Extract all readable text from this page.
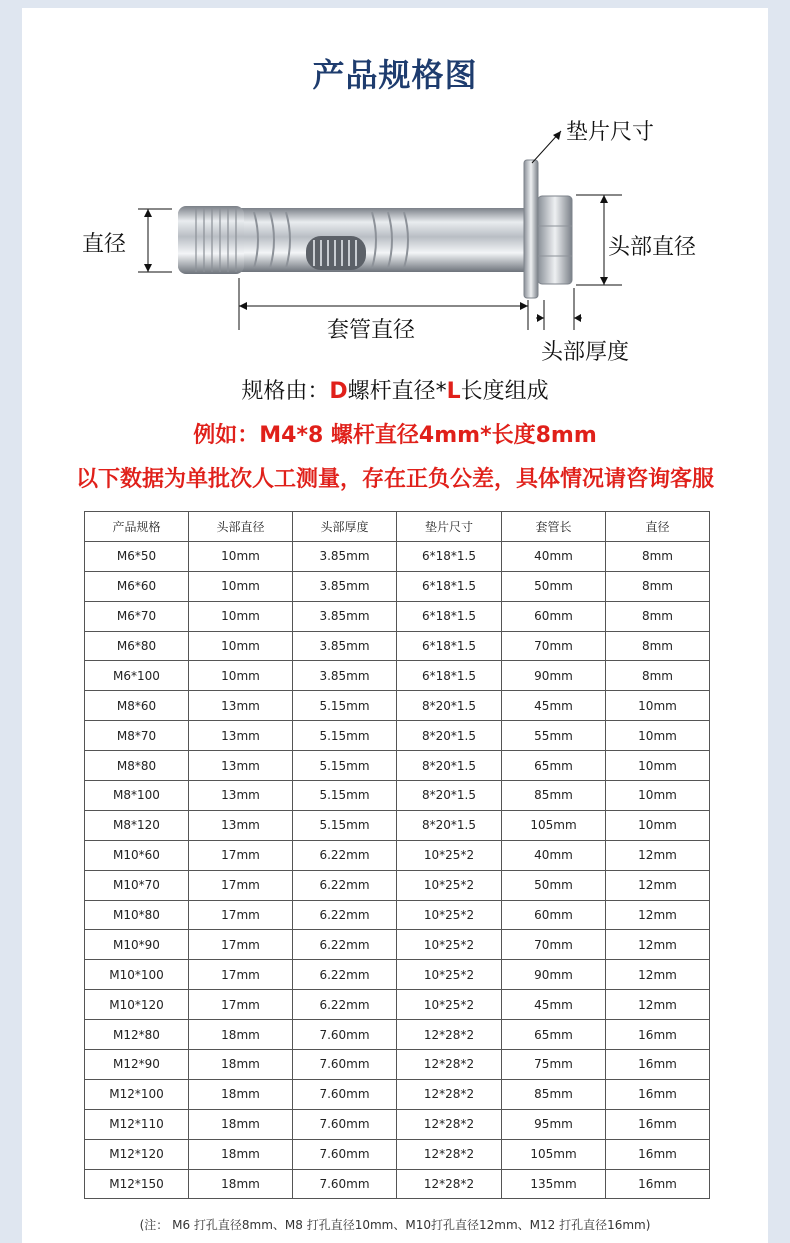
产品规格图
垫片尺寸
头部直径
直径
套管直径
头部厚度
规格由：D螺杆直径*L长度组成
例如：M4*8 螺杆直径4mm*长度8mm
以下数据为单批次人工测量，存在正负公差，具体情况请咨询客服
产品规格	头部直径	头部厚度	垫片尺寸	套管长	直径
M6*50	10mm	3.85mm	6*18*1.5	40mm	8mm
M6*60	10mm	3.85mm	6*18*1.5	50mm	8mm
M6*70	10mm	3.85mm	6*18*1.5	60mm	8mm
M6*80	10mm	3.85mm	6*18*1.5	70mm	8mm
M6*100	10mm	3.85mm	6*18*1.5	90mm	8mm
M8*60	13mm	5.15mm	8*20*1.5	45mm	10mm
M8*70	13mm	5.15mm	8*20*1.5	55mm	10mm
M8*80	13mm	5.15mm	8*20*1.5	65mm	10mm
M8*100	13mm	5.15mm	8*20*1.5	85mm	10mm
M8*120	13mm	5.15mm	8*20*1.5	105mm	10mm
M10*60	17mm	6.22mm	10*25*2	40mm	12mm
M10*70	17mm	6.22mm	10*25*2	50mm	12mm
M10*80	17mm	6.22mm	10*25*2	60mm	12mm
M10*90	17mm	6.22mm	10*25*2	70mm	12mm
M10*100	17mm	6.22mm	10*25*2	90mm	12mm
M10*120	17mm	6.22mm	10*25*2	45mm	12mm
M12*80	18mm	7.60mm	12*28*2	65mm	16mm
M12*90	18mm	7.60mm	12*28*2	75mm	16mm
M12*100	18mm	7.60mm	12*28*2	85mm	16mm
M12*110	18mm	7.60mm	12*28*2	95mm	16mm
M12*120	18mm	7.60mm	12*28*2	105mm	16mm
M12*150	18mm	7.60mm	12*28*2	135mm	16mm
(注： M6 打孔直径8mm、M8 打孔直径10mm、M10打孔直径12mm、M12 打孔直径16mm)
